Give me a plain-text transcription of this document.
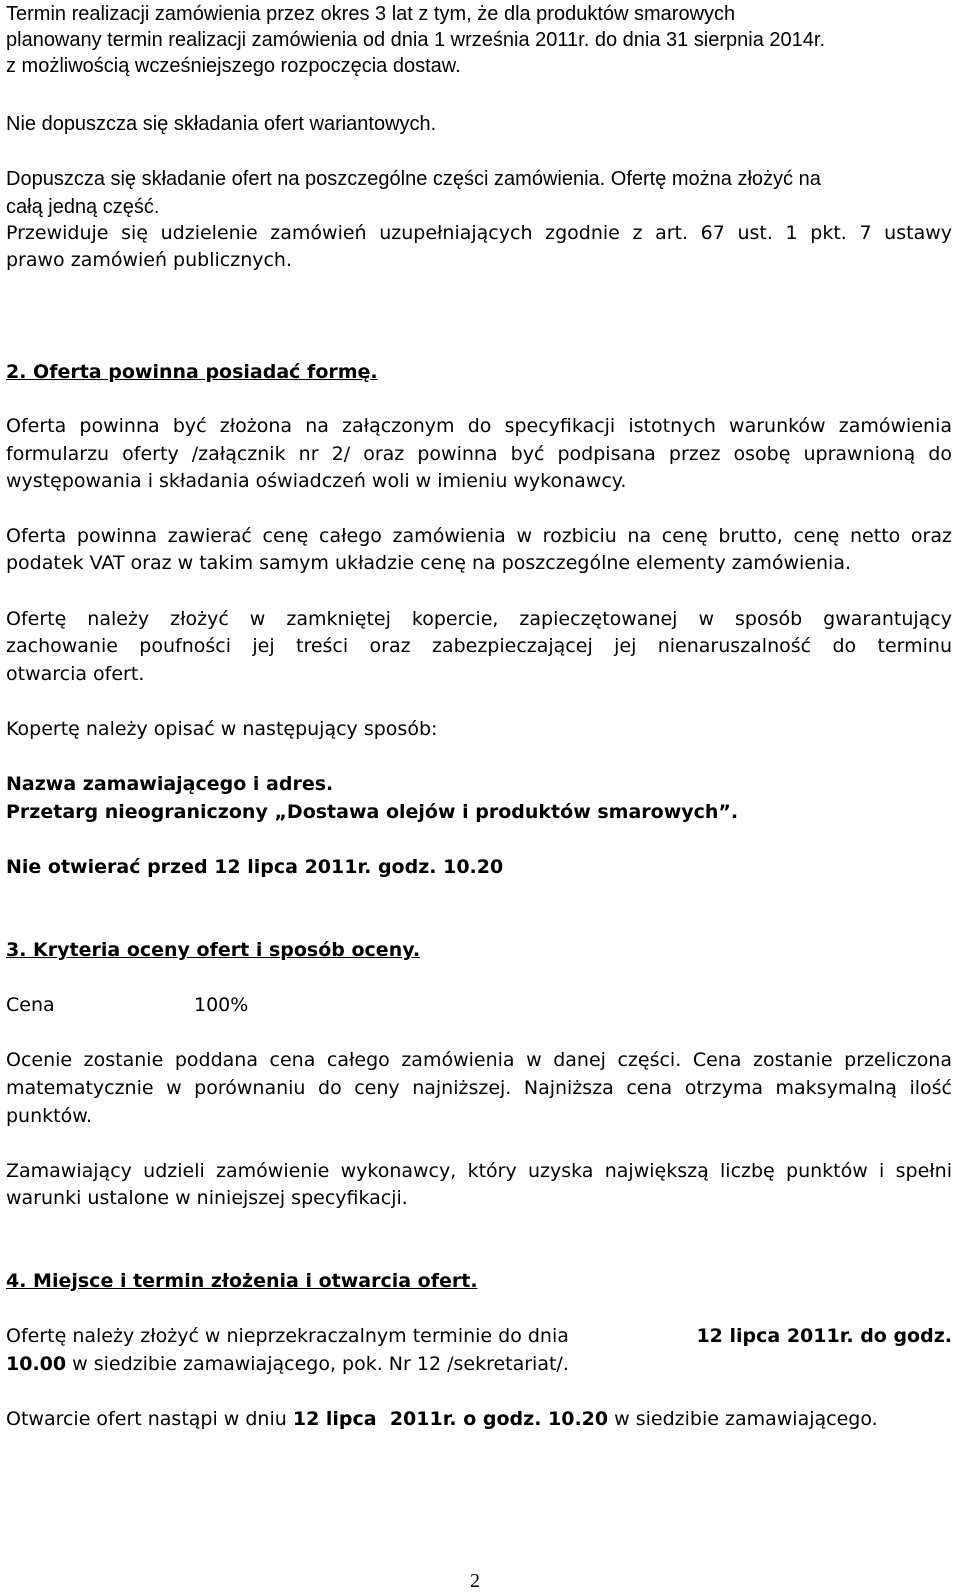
Termin realizacji zamówienia przez okres 3 lat z tym, że dla produktów smarowych
planowany termin realizacji zamówienia od dnia 1 września 2011r. do dnia 31 sierpnia 2014r.
z możliwością wcześniejszego rozpoczęcia dostaw.
Nie dopuszcza się składania ofert wariantowych.
Dopuszcza się składanie ofert na poszczególne części zamówienia. Ofertę można złożyć na
całą jedną część.
Przewiduje się udzielenie zamówień uzupełniających zgodnie z art. 67 ust. 1 pkt. 7 ustawy
prawo zamówień publicznych.
2. Oferta powinna posiadać formę.
Oferta powinna być złożona na załączonym do specyfikacji istotnych warunków zamówienia
formularzu oferty /załącznik nr 2/ oraz powinna być podpisana przez osobę uprawnioną do
występowania i składania oświadczeń woli w imieniu wykonawcy.
Oferta powinna zawierać cenę całego zamówienia w rozbiciu na cenę brutto, cenę netto oraz
podatek VAT oraz w takim samym układzie cenę na poszczególne elementy zamówienia.
Ofertę należy złożyć w zamkniętej kopercie, zapieczętowanej w sposób gwarantujący
zachowanie poufności jej treści oraz zabezpieczającej jej nienaruszalność do terminu
otwarcia ofert.
Kopertę należy opisać w następujący sposób:
Nazwa zamawiającego i adres.
Przetarg nieograniczony „Dostawa olejów i produktów smarowych”.
Nie otwierać przed 12 lipca 2011r. godz. 10.20
3. Kryteria oceny ofert i sposób oceny.
Cena	100%
Ocenie zostanie poddana cena całego zamówienia w danej części. Cena zostanie przeliczona
matematycznie w porównaniu do ceny najniższej. Najniższa cena otrzyma maksymalną ilość
punktów.
Zamawiający udzieli zamówienie wykonawcy, który uzyska największą liczbę punktów i spełni
warunki ustalone w niniejszej specyfikacji.
4. Miejsce i termin złożenia i otwarcia ofert.
Ofertę należy złożyć w nieprzekraczalnym terminie do dnia	12 lipca 2011r. do godz.
10.00 w siedzibie zamawiającego, pok. Nr 12 /sekretariat/.
Otwarcie ofert nastąpi w dniu 12 lipca  2011r. o godz. 10.20 w siedzibie zamawiającego.
2
